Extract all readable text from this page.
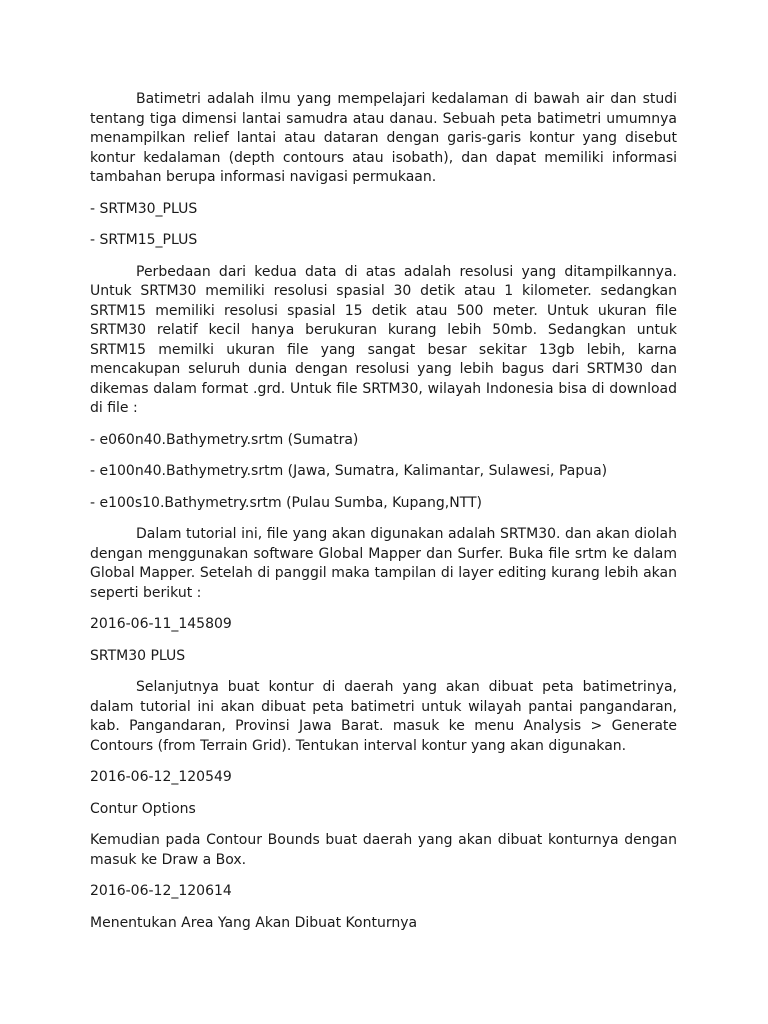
Batimetri adalah ilmu yang mempelajari kedalaman di bawah air dan studi tentang tiga dimensi lantai samudra atau danau. Sebuah peta batimetri umumnya menampilkan relief lantai atau dataran dengan garis-garis kontur yang disebut kontur kedalaman (depth contours atau isobath), dan dapat memiliki informasi tambahan berupa informasi navigasi permukaan.

- SRTM30_PLUS

- SRTM15_PLUS

Perbedaan dari kedua data di atas adalah resolusi yang ditampilkannya. Untuk SRTM30 memiliki resolusi spasial 30 detik atau 1 kilometer. sedangkan SRTM15 memiliki resolusi spasial 15 detik atau 500 meter. Untuk ukuran file SRTM30 relatif kecil hanya berukuran kurang lebih 50mb. Sedangkan untuk SRTM15 memilki ukuran file yang sangat besar sekitar 13gb lebih, karna mencakupan seluruh dunia dengan resolusi yang lebih bagus dari SRTM30 dan dikemas dalam format .grd. Untuk file SRTM30, wilayah Indonesia bisa di download di file :

- e060n40.Bathymetry.srtm (Sumatra)

- e100n40.Bathymetry.srtm (Jawa, Sumatra, Kalimantar, Sulawesi, Papua)

- e100s10.Bathymetry.srtm (Pulau Sumba, Kupang,NTT)

Dalam tutorial ini, file yang akan digunakan adalah SRTM30. dan akan diolah dengan menggunakan software Global Mapper dan Surfer. Buka file srtm ke dalam Global Mapper. Setelah di panggil maka tampilan di layer editing kurang lebih akan seperti berikut :

2016-06-11_145809

SRTM30 PLUS

Selanjutnya buat kontur di daerah yang akan dibuat peta batimetrinya, dalam tutorial ini akan dibuat peta batimetri untuk wilayah pantai pangandaran, kab. Pangandaran, Provinsi Jawa Barat. masuk ke menu Analysis > Generate Contours (from Terrain Grid). Tentukan interval kontur yang akan digunakan.

2016-06-12_120549

Contur Options

Kemudian pada Contour Bounds buat daerah yang akan dibuat konturnya dengan masuk ke Draw a Box.

2016-06-12_120614

Menentukan Area Yang Akan Dibuat Konturnya
